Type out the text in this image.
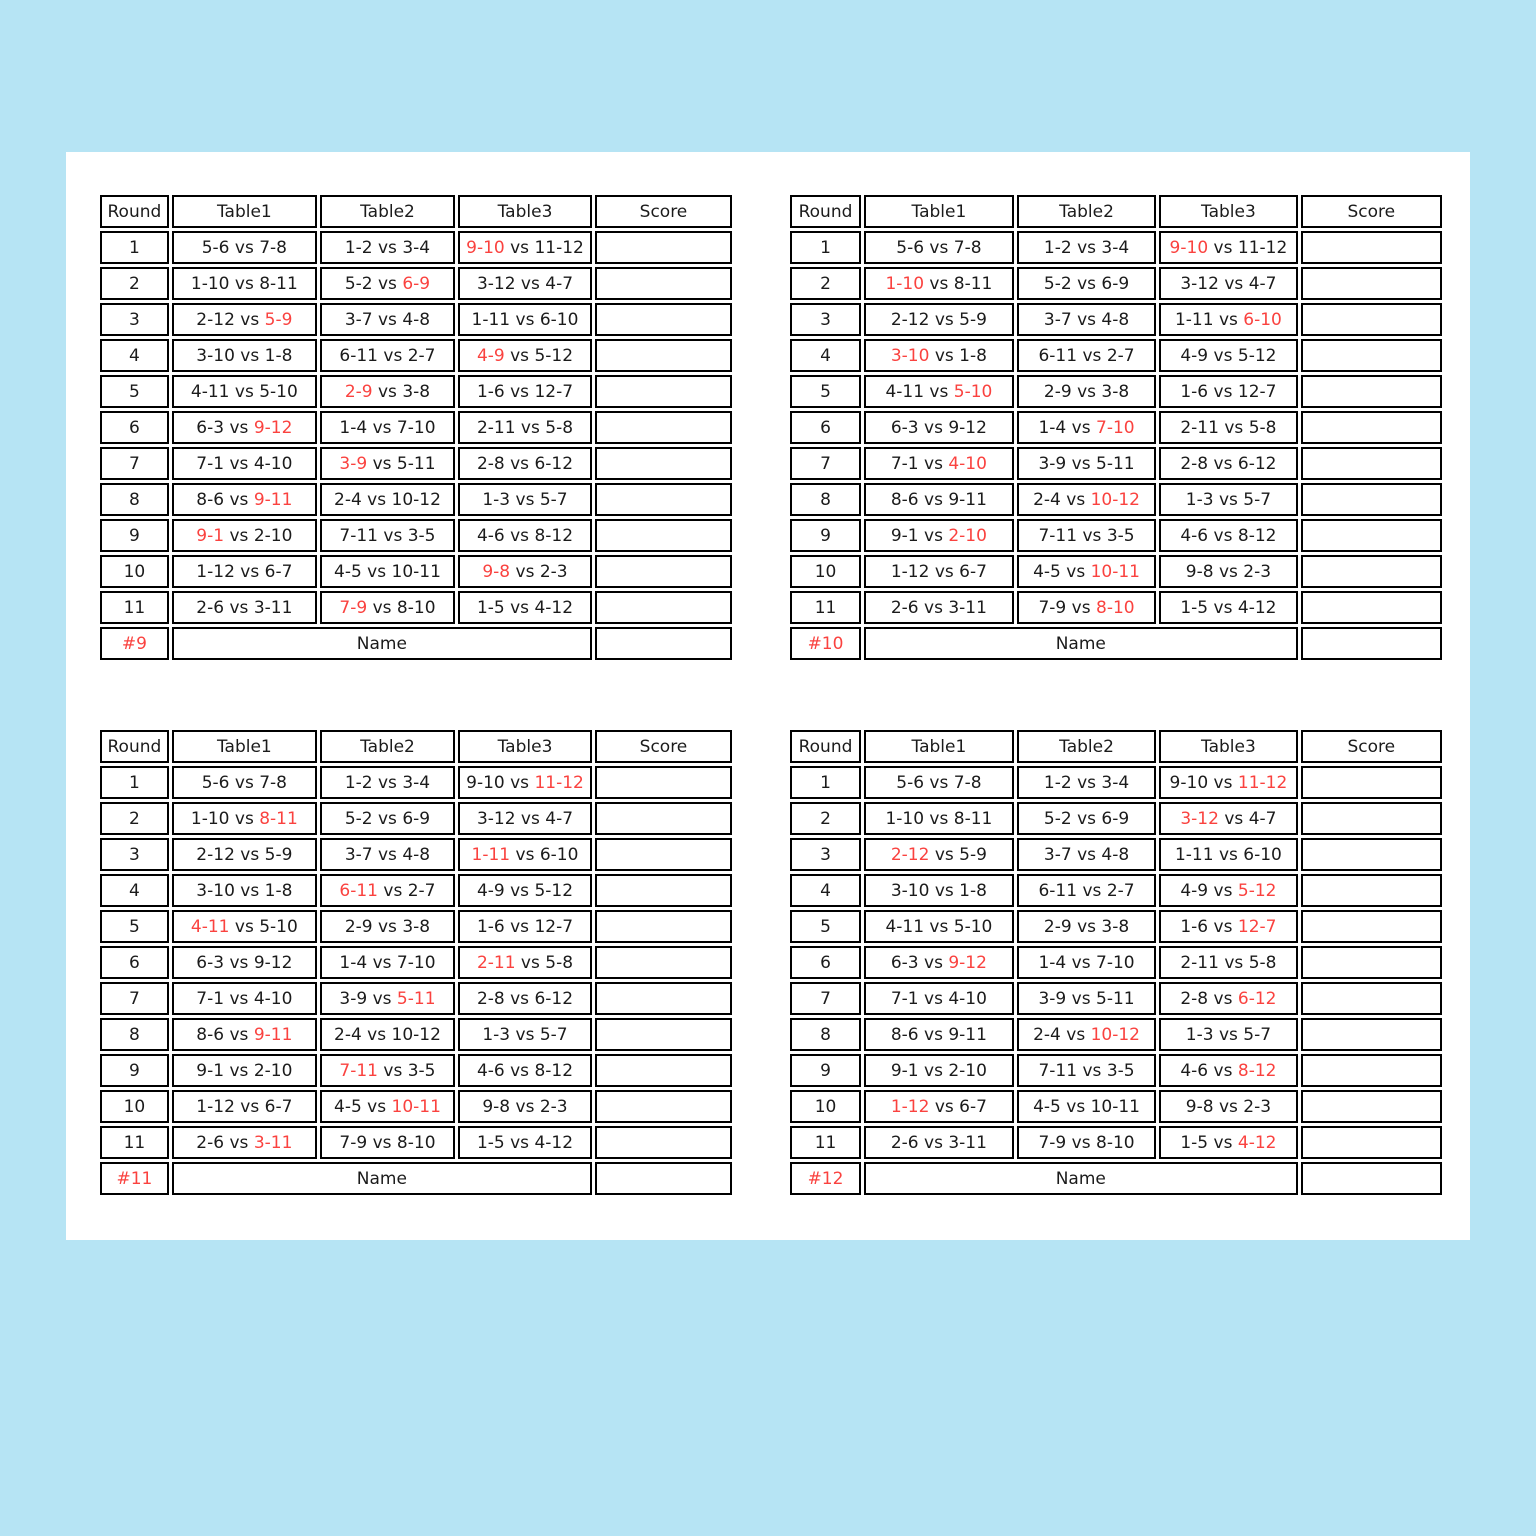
Round	Table1	Table2	Table3	Score
1	5-6 vs 7-8	1-2 vs 3-4	9-10 vs 11-12	
2	1-10 vs 8-11	5-2 vs 6-9	3-12 vs 4-7	
3	2-12 vs 5-9	3-7 vs 4-8	1-11 vs 6-10	
4	3-10 vs 1-8	6-11 vs 2-7	4-9 vs 5-12	
5	4-11 vs 5-10	2-9 vs 3-8	1-6 vs 12-7	
6	6-3 vs 9-12	1-4 vs 7-10	2-11 vs 5-8	
7	7-1 vs 4-10	3-9 vs 5-11	2-8 vs 6-12	
8	8-6 vs 9-11	2-4 vs 10-12	1-3 vs 5-7	
9	9-1 vs 2-10	7-11 vs 3-5	4-6 vs 8-12	
10	1-12 vs 6-7	4-5 vs 10-11	9-8 vs 2-3	
11	2-6 vs 3-11	7-9 vs 8-10	1-5 vs 4-12	
#9	Name			
Round	Table1	Table2	Table3	Score
1	5-6 vs 7-8	1-2 vs 3-4	9-10 vs 11-12	
2	1-10 vs 8-11	5-2 vs 6-9	3-12 vs 4-7	
3	2-12 vs 5-9	3-7 vs 4-8	1-11 vs 6-10	
4	3-10 vs 1-8	6-11 vs 2-7	4-9 vs 5-12	
5	4-11 vs 5-10	2-9 vs 3-8	1-6 vs 12-7	
6	6-3 vs 9-12	1-4 vs 7-10	2-11 vs 5-8	
7	7-1 vs 4-10	3-9 vs 5-11	2-8 vs 6-12	
8	8-6 vs 9-11	2-4 vs 10-12	1-3 vs 5-7	
9	9-1 vs 2-10	7-11 vs 3-5	4-6 vs 8-12	
10	1-12 vs 6-7	4-5 vs 10-11	9-8 vs 2-3	
11	2-6 vs 3-11	7-9 vs 8-10	1-5 vs 4-12	
#10	Name			
Round	Table1	Table2	Table3	Score
1	5-6 vs 7-8	1-2 vs 3-4	9-10 vs 11-12	
2	1-10 vs 8-11	5-2 vs 6-9	3-12 vs 4-7	
3	2-12 vs 5-9	3-7 vs 4-8	1-11 vs 6-10	
4	3-10 vs 1-8	6-11 vs 2-7	4-9 vs 5-12	
5	4-11 vs 5-10	2-9 vs 3-8	1-6 vs 12-7	
6	6-3 vs 9-12	1-4 vs 7-10	2-11 vs 5-8	
7	7-1 vs 4-10	3-9 vs 5-11	2-8 vs 6-12	
8	8-6 vs 9-11	2-4 vs 10-12	1-3 vs 5-7	
9	9-1 vs 2-10	7-11 vs 3-5	4-6 vs 8-12	
10	1-12 vs 6-7	4-5 vs 10-11	9-8 vs 2-3	
11	2-6 vs 3-11	7-9 vs 8-10	1-5 vs 4-12	
#11	Name			
Round	Table1	Table2	Table3	Score
1	5-6 vs 7-8	1-2 vs 3-4	9-10 vs 11-12	
2	1-10 vs 8-11	5-2 vs 6-9	3-12 vs 4-7	
3	2-12 vs 5-9	3-7 vs 4-8	1-11 vs 6-10	
4	3-10 vs 1-8	6-11 vs 2-7	4-9 vs 5-12	
5	4-11 vs 5-10	2-9 vs 3-8	1-6 vs 12-7	
6	6-3 vs 9-12	1-4 vs 7-10	2-11 vs 5-8	
7	7-1 vs 4-10	3-9 vs 5-11	2-8 vs 6-12	
8	8-6 vs 9-11	2-4 vs 10-12	1-3 vs 5-7	
9	9-1 vs 2-10	7-11 vs 3-5	4-6 vs 8-12	
10	1-12 vs 6-7	4-5 vs 10-11	9-8 vs 2-3	
11	2-6 vs 3-11	7-9 vs 8-10	1-5 vs 4-12	
#12	Name			
